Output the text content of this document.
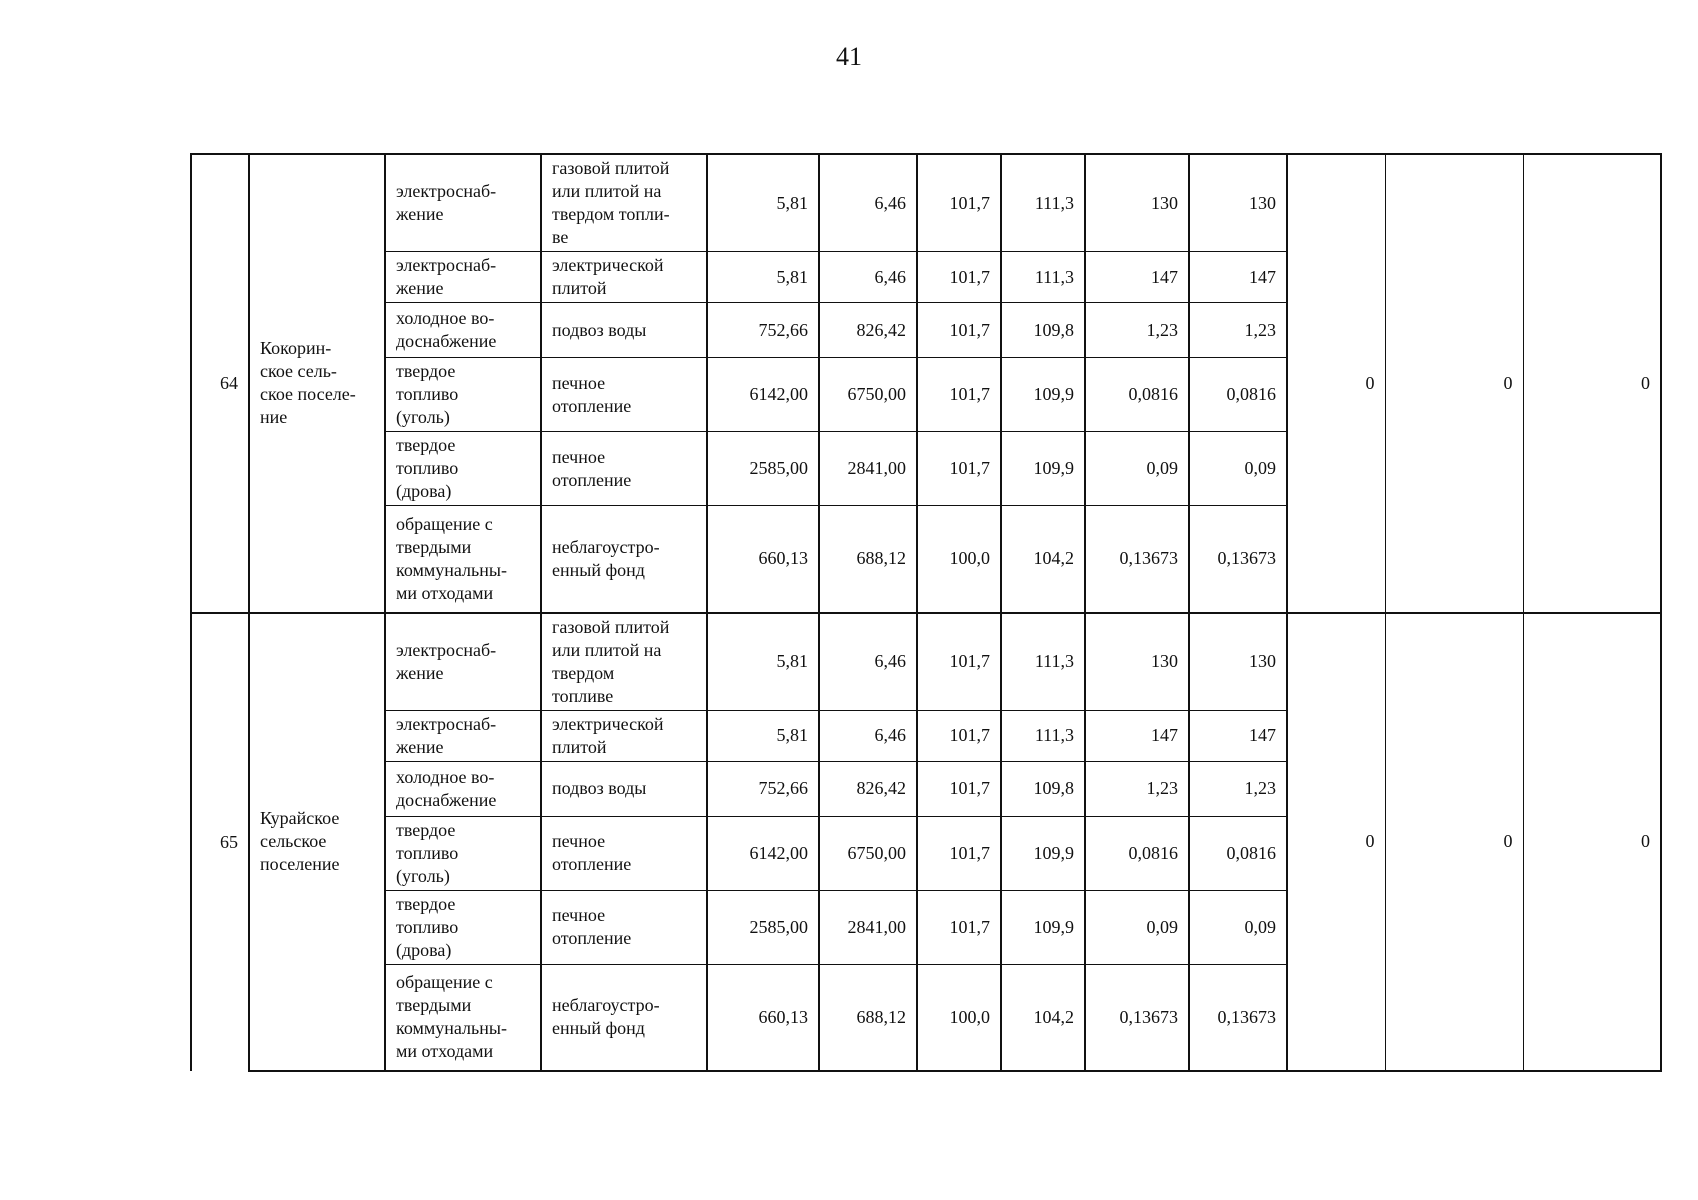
41
64	Кокорин-
ское сель-
ское поселе-
ние	электроснаб-
жение	газовой плитой
или плитой на
твердом топли-
ве	5,81	6,46	101,7	111,3	130	130	0	0	0
		электроснаб-
жение	электрической
плитой	5,81	6,46	101,7	111,3	147	147			
		холодное во-
доснабжение	подвоз воды	752,66	826,42	101,7	109,8	1,23	1,23			
		твердое
топливо
(уголь)	печное
отопление	6142,00	6750,00	101,7	109,9	0,0816	0,0816			
		твердое
топливо
(дрова)	печное
отопление	2585,00	2841,00	101,7	109,9	0,09	0,09			
		обращение с
твердыми
коммунальны-
ми отходами	неблагоустро-
енный фонд	660,13	688,12	100,0	104,2	0,13673	0,13673			
65	Курайское
сельское
поселение	электроснаб-
жение	газовой плитой
или плитой на
твердом
топливе	5,81	6,46	101,7	111,3	130	130	0	0	0
		электроснаб-
жение	электрической
плитой	5,81	6,46	101,7	111,3	147	147			
		холодное во-
доснабжение	подвоз воды	752,66	826,42	101,7	109,8	1,23	1,23			
		твердое
топливо
(уголь)	печное
отопление	6142,00	6750,00	101,7	109,9	0,0816	0,0816			
		твердое
топливо
(дрова)	печное
отопление	2585,00	2841,00	101,7	109,9	0,09	0,09			
		обращение с
твердыми
коммунальны-
ми отходами	неблагоустро-
енный фонд	660,13	688,12	100,0	104,2	0,13673	0,13673			
